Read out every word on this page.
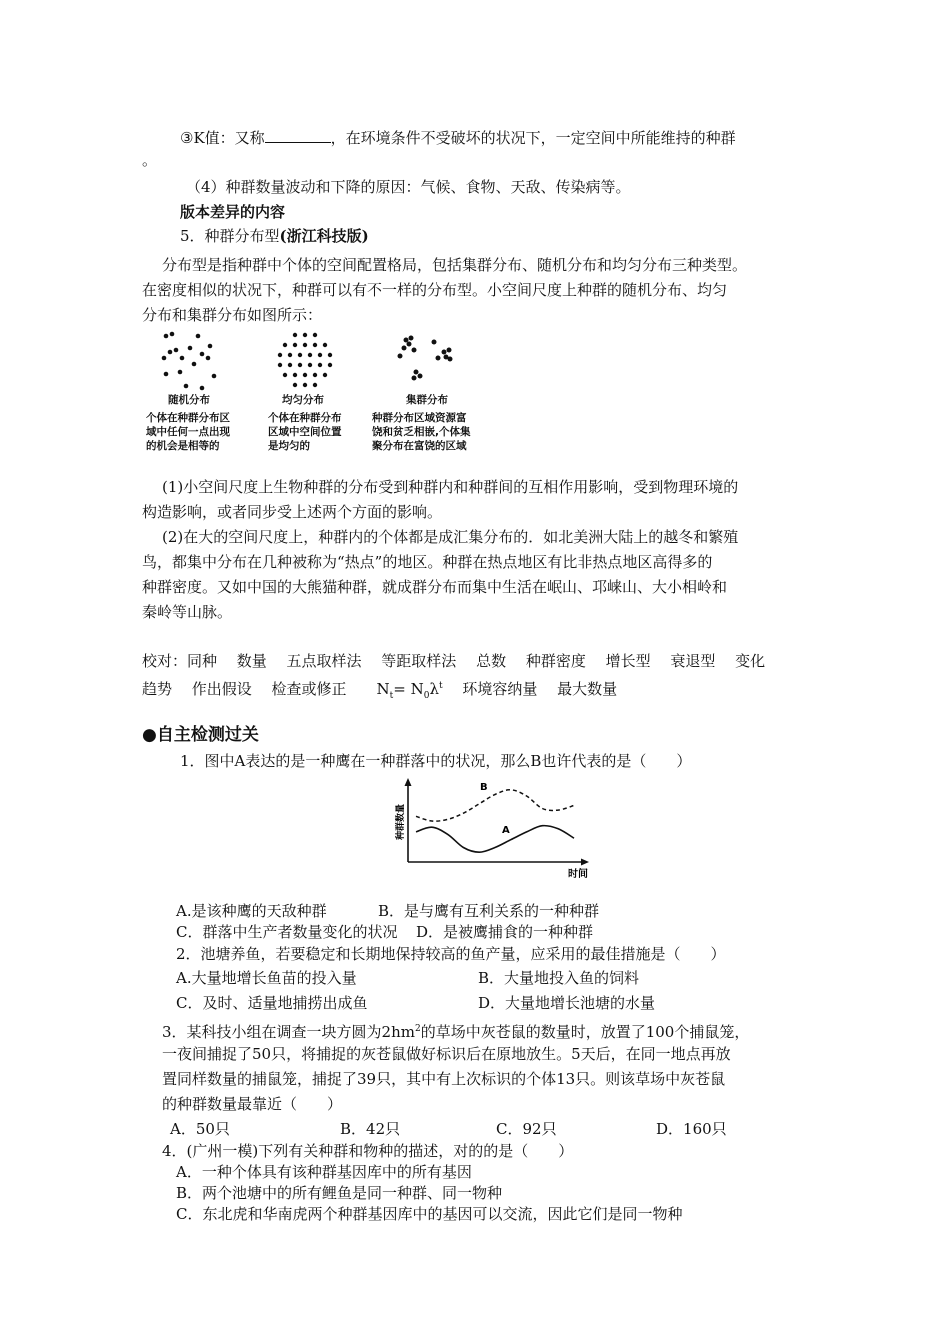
③K值：又称	，在环境条件不受破坏的状况下，一定空间中所能维持的种群
。
（4）种群数量波动和下降的原因：气候、食物、天敌、传染病等。
版本差异的内容
5．种群分布型(浙江科技版)
分布型是指种群中个体的空间配置格局，包括集群分布、随机分布和均匀分布三种类型。
在密度相似的状况下，种群可以有不一样的分布型。小空间尺度上种群的随机分布、均匀
分布和集群分布如图所示：
随机分布
个体在种群分布区
域中任何一点出现
的机会是相等的
均匀分布
个体在种群分布
区域中空间位置
是均匀的
集群分布
种群分布区域资源富
饶和贫乏相嵌,个体集
聚分布在富饶的区域
(1)小空间尺度上生物种群的分布受到种群内和种群间的互相作用影响，受到物理环境的
构造影响，或者同步受上述两个方面的影响。
(2)在大的空间尺度上，种群内的个体都是成汇集分布的．如北美洲大陆上的越冬和繁殖
鸟，都集中分布在几种被称为“热点”的地区。种群在热点地区有比非热点地区高得多的
种群密度。又如中国的大熊猫种群，就成群分布而集中生活在岷山、邛崃山、大小相岭和
秦岭等山脉。
校对：同种　 数量　 五点取样法　 等距取样法　 总数　 种群密度　 增长型　 衰退型　 变化
趋势　 作出假设　 检查或修正　　$N_t= N_0\lambda^t$　 环境容纳量　 最大数量
●自主检测过关
1．图中A表达的是一种鹰在一种群落中的状况，那么B也许代表的是（　　）
种群数量
时间
B
A
A.是该种鹰的天敌种群	B．是与鹰有互利关系的一种种群
C．群落中生产者数量变化的状况 D．是被鹰捕食的一种种群
2．池塘养鱼，若要稳定和长期地保持较高的鱼产量，应采用的最佳措施是（　　）
A.大量地增长鱼苗的投入量	B．大量地投入鱼的饲料
C．及时、适量地捕捞出成鱼	D．大量地增长池塘的水量
3．某科技小组在调查一块方圆为$2hm^2$的草场中灰苍鼠的数量时，放置了100个捕鼠笼，
一夜间捕捉了50只，将捕捉的灰苍鼠做好标识后在原地放生。5天后，在同一地点再放
置同样数量的捕鼠笼，捕捉了39只，其中有上次标识的个体13只。则该草场中灰苍鼠
的种群数量最靠近（　　）
A．50只	B．42只	C．92只	D．160只
4．(广州一模)下列有关种群和物种的描述，对的的是（　　）
A．一种个体具有该种群基因库中的所有基因
B．两个池塘中的所有鲤鱼是同一种群、同一物种
C．东北虎和华南虎两个种群基因库中的基因可以交流，因此它们是同一物种
